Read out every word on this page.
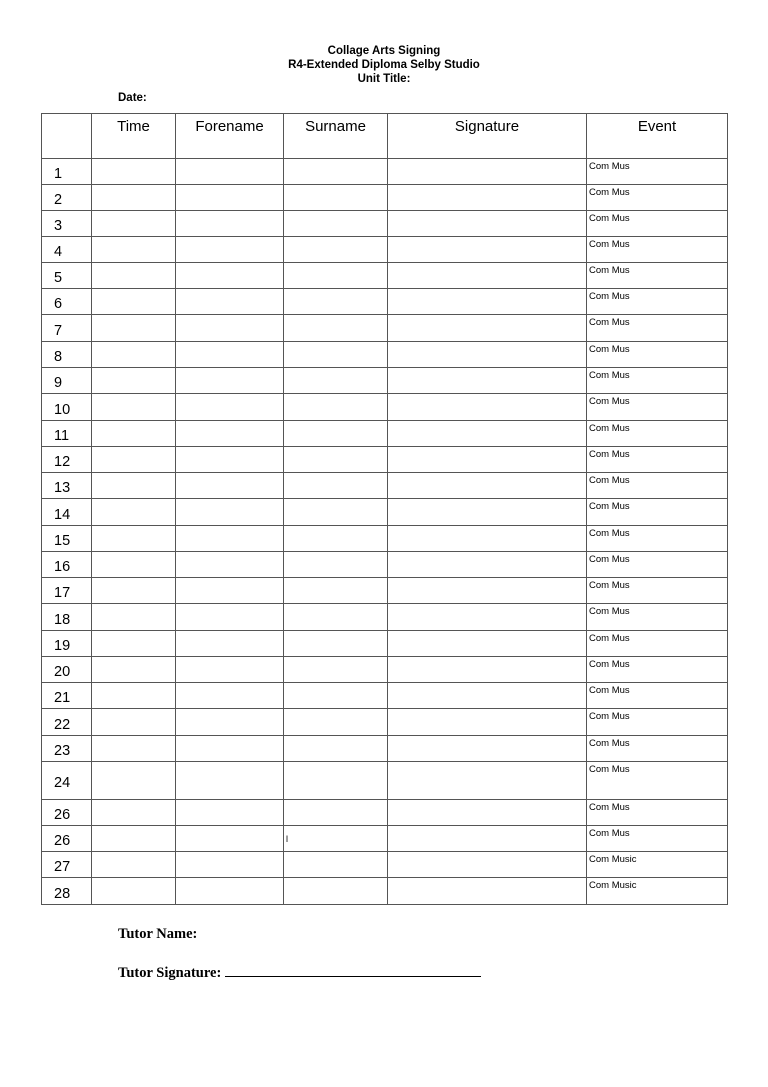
Collage Arts Signing
R4-Extended Diploma Selby Studio
Unit Title:
Date:
	Time	Forename	Surname	Signature	Event
1					Com Mus
2					Com Mus
3					Com Mus
4					Com Mus
5					Com Mus
6					Com Mus
7					Com Mus
8					Com Mus
9					Com Mus
10					Com Mus
11					Com Mus
12					Com Mus
13					Com Mus
14					Com Mus
15					Com Mus
16					Com Mus
17					Com Mus
18					Com Mus
19					Com Mus
20					Com Mus
21					Com Mus
22					Com Mus
23					Com Mus
24					Com Mus
26					Com Mus
26			l		Com Mus
27					Com Music
28					Com Music
Tutor Name:
Tutor Signature:
